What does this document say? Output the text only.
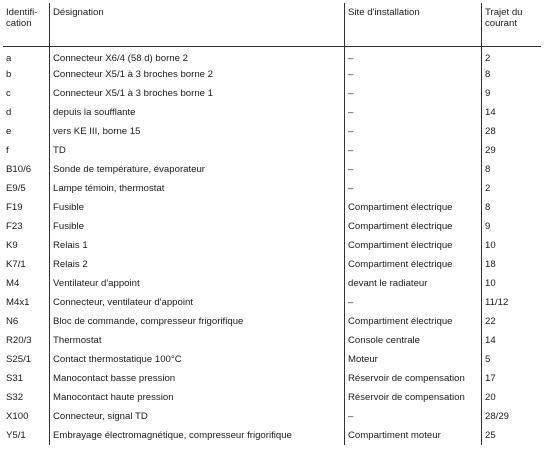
Identifi-cation	Désignation	Site d'installation	Trajet du courant
a	Connecteur X6/4 (58 d) borne 2	–	2
b	Connecteur X5/1 à 3 broches borne 2	–	8
c	Connecteur X5/1 à 3 broches borne 1	–	9
d	depuis la soufflante	–	14
e	vers KE III, borne 15	–	28
f	TD	–	29
B10/6	Sonde de température, évaporateur	–	8
E9/5	Lampe témoin, thermostat	–	2
F19	Fusible	Compartiment électrique	8
F23	Fusible	Compartiment électrique	9
K9	Relais 1	Compartiment électrique	10
K7/1	Relais 2	Compartiment électrique	18
M4	Ventilateur d'appoint	devant le radiateur	10
M4x1	Connecteur, ventilateur d'appoint	–	11/12
N6	Bloc de commande, compresseur frigorifique	Compartiment électrique	22
R20/3	Thermostat	Console centrale	14
S25/1	Contact thermostatique 100°C	Moteur	5
S31	Manocontact basse pression	Réservoir de compensation	17
S32	Manocontact haute pression	Réservoir de compensation	20
X100	Connecteur, signal TD	–	28/29
Y5/1	Embrayage électromagnétique, compresseur frigorifique	Compartiment moteur	25
